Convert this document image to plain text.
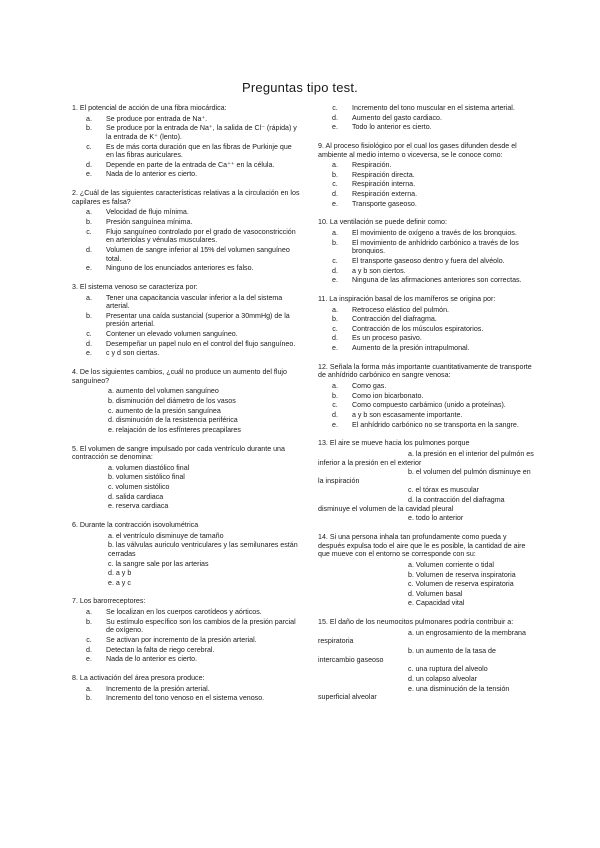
Preguntas tipo test.
1. El potencial de acción de una fibra miocárdica:
a.	Se produce por entrada de Na⁺.
b.	Se produce por la entrada de Na⁺, la salida de Cl⁻ (rápida) y la entrada de K⁺ (lento).
c.	Es de más corta duración que en las fibras de Purkinje que en las fibras auriculares.
d.	Depende en parte de la entrada de Ca⁺⁺ en la célula.
e.	Nada de lo anterior es cierto.
2. ¿Cuál de las siguientes características relativas a la circulación en los capilares es falsa?
a.	Velocidad de flujo mínima.
b.	Presión sanguínea mínima.
c.	Flujo sanguíneo controlado por el grado de vasoconstricción en arteriolas y vénulas musculares.
d.	Volumen de sangre inferior al 15% del volumen sanguíneo total.
e.	Ninguno de los enunciados anteriores es falso.
3. El sistema venoso se caracteriza por:
a.	Tener una capacitancia vascular inferior a la del sistema arterial.
b.	Presentar una caída sustancial (superior a 30mmHg) de la presión arterial.
c.	Contener un elevado volumen sanguíneo.
d.	Desempeñar un papel nulo en el control del flujo sanguíneo.
e.	c y d son ciertas.
4. De los siguientes cambios, ¿cuál no produce un aumento del flujo sanguíneo?
a. aumento del volumen sanguíneo
b. disminución del diámetro de los vasos
c. aumento de la presión sanguínea
d. disminución de la resistencia periférica
e. relajación de los esfínteres precapilares
5. El volumen de sangre impulsado por cada ventrículo durante una contracción se denomina:
a. volumen diastólico final
b. volumen sistólico final
c. volumen sistólico
d. salida cardiaca
e. reserva cardiaca
6. Durante la contracción isovolumétrica
a. el ventrículo disminuye de tamaño
b. las válvulas auriculo ventriculares y las semilunares están cerradas
c. la sangre sale por las arterias
d. a y b
e. a y c
7. Los barorreceptores:
a.	Se localizan en los cuerpos carotídeos y aórticos.
b.	Su estímulo específico son los cambios de la presión parcial de oxígeno.
c.	Se activan por incremento de la presión arterial.
d.	Detectan la falta de riego cerebral.
e.	Nada de lo anterior es cierto.
8. La activación del área presora produce:
a.	Incremento de la presión arterial.
b.	Incremento del tono venoso en el sistema venoso.
c.	Incremento del tono muscular en el sistema arterial.
d.	Aumento del gasto cardiaco.
e.	Todo lo anterior es cierto.
9. Al proceso fisiológico por el cual los gases difunden desde el ambiente al medio interno o viceversa, se le conoce como:
a.	Respiración.
b.	Respiración directa.
c.	Respiración interna.
d.	Respiración externa.
e.	Transporte gaseoso.
10. La ventilación se puede definir como:
a.	El movimiento de oxígeno a través de los bronquios.
b.	El movimiento de anhídrido carbónico a través de los bronquios.
c.	El transporte gaseoso dentro y fuera del alvéolo.
d.	a y b son ciertos.
e.	Ninguna de las afirmaciones anteriores son correctas.
11. La inspiración basal de los mamíferos se origina por:
a.	Retroceso elástico del pulmón.
b.	Contracción del diafragma.
c.	Contracción de los músculos espiratorios.
d.	Es un proceso pasivo.
e.	Aumento de la presión intrapulmonal.
12. Señala la forma más importante cuantitativamente de transporte de anhídrido carbónico en sangre venosa:
a.	Como gas.
b.	Como ion bicarbonato.
c.	Como compuesto carbámico (unido a proteínas).
d.	a y b son escasamente importante.
e.	El anhídrido carbónico no se transporta en la sangre.
13. El aire se mueve hacia los pulmones porque
a. la presión en el interior del pulmón es inferior a la presión en el exterior
b. el volumen del pulmón disminuye en la inspiración
c. el tórax es muscular
d. la contracción del diafragma disminuye el volumen de la cavidad pleural
e. todo lo anterior
14. Si una persona inhala tan profundamente como pueda y después expulsa todo el aire que le es posible, la cantidad de aire que mueve con el entorno se corresponde con su:
a. Volumen corriente o tidal
b. Volumen de reserva inspiratoria
c. Volumen de reserva espiratoria
d. Volumen basal
e. Capacidad vital
15. El daño de los neumocitos pulmonares podría contribuir a:
a. un engrosamiento de la membrana respiratoria
b. un aumento de la tasa de intercambio gaseoso
c. una ruptura del alveolo
d. un colapso alveolar
e. una disminución de la tensión superficial alveolar
